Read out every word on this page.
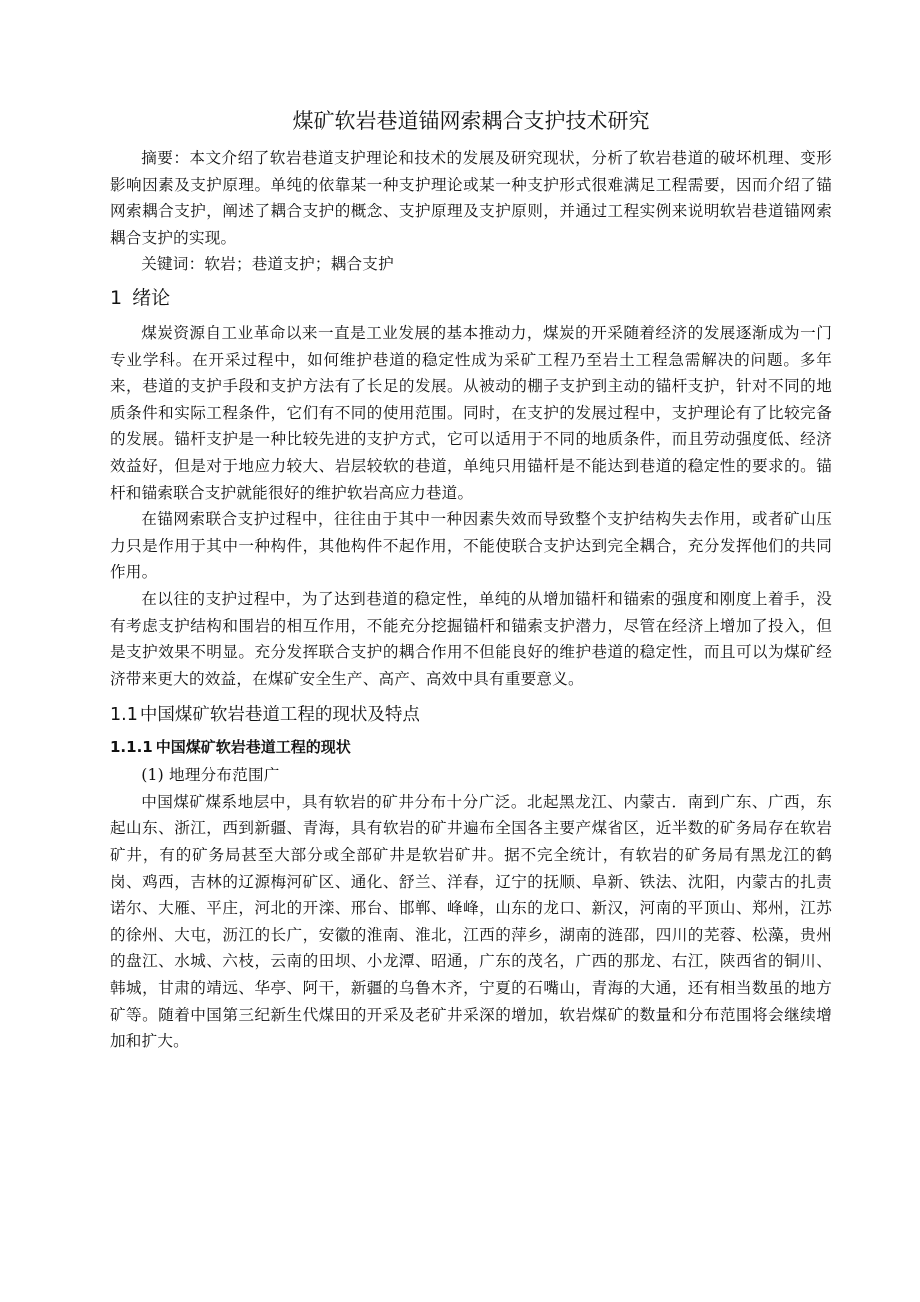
煤矿软岩巷道锚网索耦合支护技术研究

摘要：本文介绍了软岩巷道支护理论和技术的发展及研究现状，分析了软岩巷道的破坏机理、变形影响因素及支护原理。单纯的依靠某一种支护理论或某一种支护形式很难满足工程需要，因而介绍了锚网索耦合支护，阐述了耦合支护的概念、支护原理及支护原则，并通过工程实例来说明软岩巷道锚网索耦合支护的实现。

关键词：软岩；巷道支护；耦合支护

1 绪论

煤炭资源自工业革命以来一直是工业发展的基本推动力，煤炭的开采随着经济的发展逐渐成为一门专业学科。在开采过程中，如何维护巷道的稳定性成为采矿工程乃至岩土工程急需解决的问题。多年来，巷道的支护手段和支护方法有了长足的发展。从被动的棚子支护到主动的锚杆支护，针对不同的地质条件和实际工程条件，它们有不同的使用范围。同时，在支护的发展过程中，支护理论有了比较完备的发展。锚杆支护是一种比较先进的支护方式，它可以适用于不同的地质条件，而且劳动强度低、经济效益好，但是对于地应力较大、岩层较软的巷道，单纯只用锚杆是不能达到巷道的稳定性的要求的。锚杆和锚索联合支护就能很好的维护软岩高应力巷道。

在锚网索联合支护过程中，往往由于其中一种因素失效而导致整个支护结构失去作用，或者矿山压力只是作用于其中一种构件，其他构件不起作用，不能使联合支护达到完全耦合，充分发挥他们的共同作用。

在以往的支护过程中，为了达到巷道的稳定性，单纯的从增加锚杆和锚索的强度和刚度上着手，没有考虑支护结构和围岩的相互作用，不能充分挖掘锚杆和锚索支护潜力，尽管在经济上增加了投入，但是支护效果不明显。充分发挥联合支护的耦合作用不但能良好的维护巷道的稳定性，而且可以为煤矿经济带来更大的效益，在煤矿安全生产、高产、高效中具有重要意义。

1.1 中国煤矿软岩巷道工程的现状及特点
1.1.1 中国煤矿软岩巷道工程的现状

(1) 地理分布范围广

中国煤矿煤系地层中，具有软岩的矿井分布十分广泛。北起黑龙江、内蒙古．南到广东、广西，东起山东、浙江，西到新疆、青海，具有软岩的矿井遍布全国各主要产煤省区，近半数的矿务局存在软岩矿井，有的矿务局甚至大部分或全部矿井是软岩矿井。据不完全统计，有软岩的矿务局有黑龙江的鹤岗、鸡西，吉林的辽源梅河矿区、通化、舒兰、洋春，辽宁的抚顺、阜新、铁法、沈阳，内蒙古的扎责诺尔、大雁、平庄，河北的开滦、邢台、邯郸、峰峰，山东的龙口、新汉，河南的平顶山、郑州，江苏的徐州、大屯，沥江的长广，安徽的淮南、淮北，江西的萍乡，湖南的涟邵，四川的芜蓉、松藻，贵州的盘江、水城、六枝，云南的田坝、小龙潭、昭通，广东的茂名，广西的那龙、右江，陕西省的铜川、韩城，甘肃的靖远、华亭、阿干，新疆的乌鲁木齐，宁夏的石嘴山，青海的大通，还有相当数虽的地方矿等。随着中国第三纪新生代煤田的开采及老矿井采深的增加，软岩煤矿的数量和分布范围将会继续增加和扩大。
